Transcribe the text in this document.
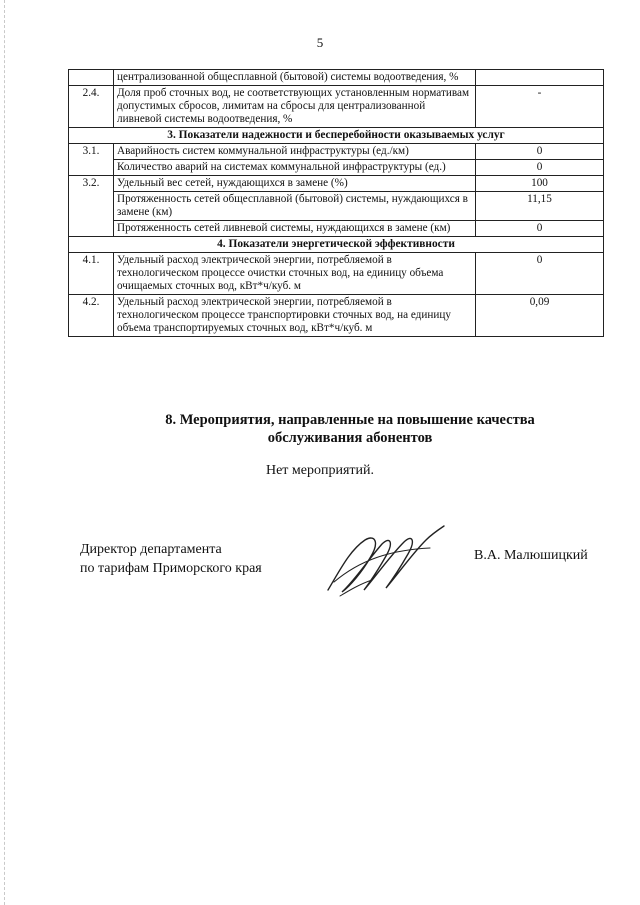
5
	централизованной общесплавной (бытовой) системы водоотведения, %	
2.4.	Доля проб сточных вод, не соответствующих установленным нормативам допустимых сбросов, лимитам на сбросы для централизованной ливневой системы водоотведения, %	-
3. Показатели надежности и бесперебойности оказываемых услуг		
3.1.	Аварийность систем коммунальной инфраструктуры (ед./км)	0
	Количество аварий на системах коммунальной инфраструктуры (ед.)	0
3.2.	Удельный вес сетей, нуждающихся в замене (%)	100
	Протяженность сетей общесплавной (бытовой) системы, нуждающихся в замене (км)	11,15
	Протяженность сетей ливневой системы, нуждающихся в замене (км)	0
4. Показатели энергетической эффективности		
4.1.	Удельный расход электрической энергии, потребляемой в технологическом процессе очистки сточных вод, на единицу объема очищаемых сточных вод, кВт*ч/куб. м	0
4.2.	Удельный расход электрической энергии, потребляемой в технологическом процессе транспортировки сточных вод, на единицу объема транспортируемых сточных вод, кВт*ч/куб. м	0,09
8. Мероприятия, направленные на повышение качества
обслуживания абонентов
Нет мероприятий.
Директор департамента
по тарифам Приморского края
В.А. Малюшицкий
